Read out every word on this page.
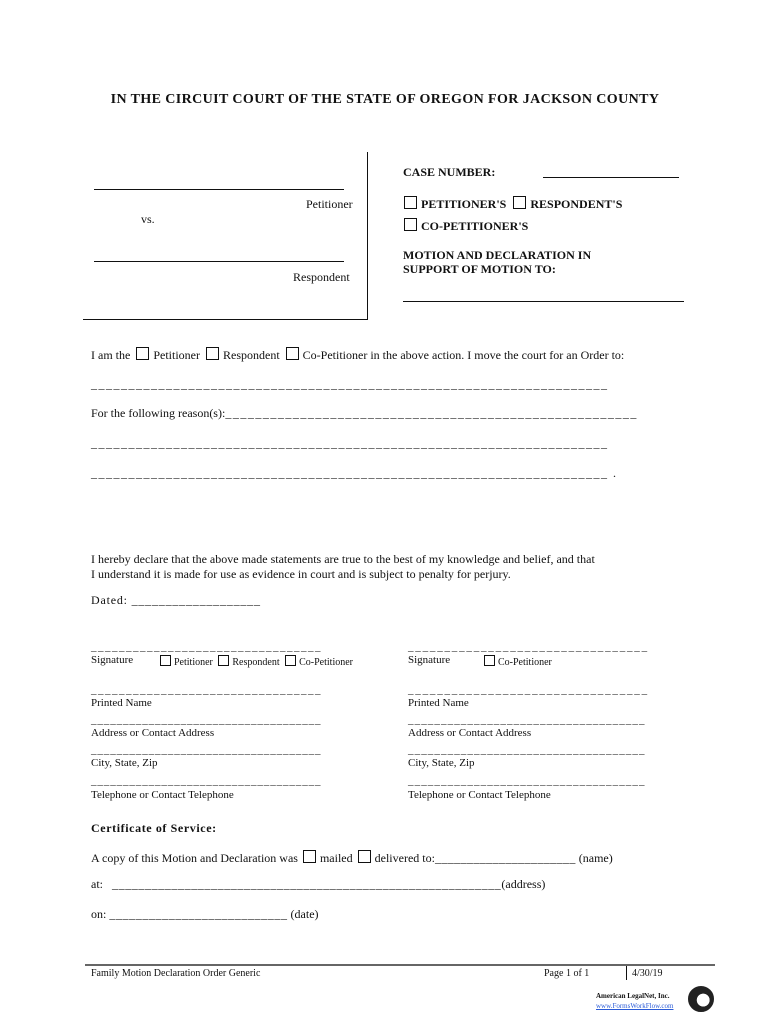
IN THE CIRCUIT COURT OF THE STATE OF OREGON FOR JACKSON COUNTY
Petitioner
vs.
Respondent
CASE NUMBER:
PETITIONER'S RESPONDENT'S
CO-PETITIONER'S
MOTION AND DECLARATION IN
SUPPORT OF MOTION TO:
I am the Petitioner Respondent Co-Petitioner in the above action. I move the court for an Order to:
_____________________________________________________________________
For the following reason(s):_______________________________________________________
_____________________________________________________________________
_____________________________________________________________________ .
I hereby declare that the above made statements are true to the best of my knowledge and belief, and that
I understand it is made for use as evidence in court and is subject to penalty for perjury.
Dated: ___________________
_________________________________
Signature	Petitioner Respondent Co-Petitioner
_________________________________
Printed Name
____________________________________
Address or Contact Address
____________________________________
City, State, Zip
____________________________________
Telephone or Contact Telephone
_________________________________
Signature	Co-Petitioner
_________________________________
Printed Name
____________________________________
Address or Contact Address
____________________________________
City, State, Zip
____________________________________
Telephone or Contact Telephone
Certificate of Service:
A copy of this Motion and Declaration was mailed delivered to:______________________ (name)
at: ___________________________________________________________(address)
on: ___________________________ (date)
Family Motion Declaration Order Generic	Page 1 of 1	4/30/19
American LegalNet, Inc.
www.FormsWorkFlow.com
